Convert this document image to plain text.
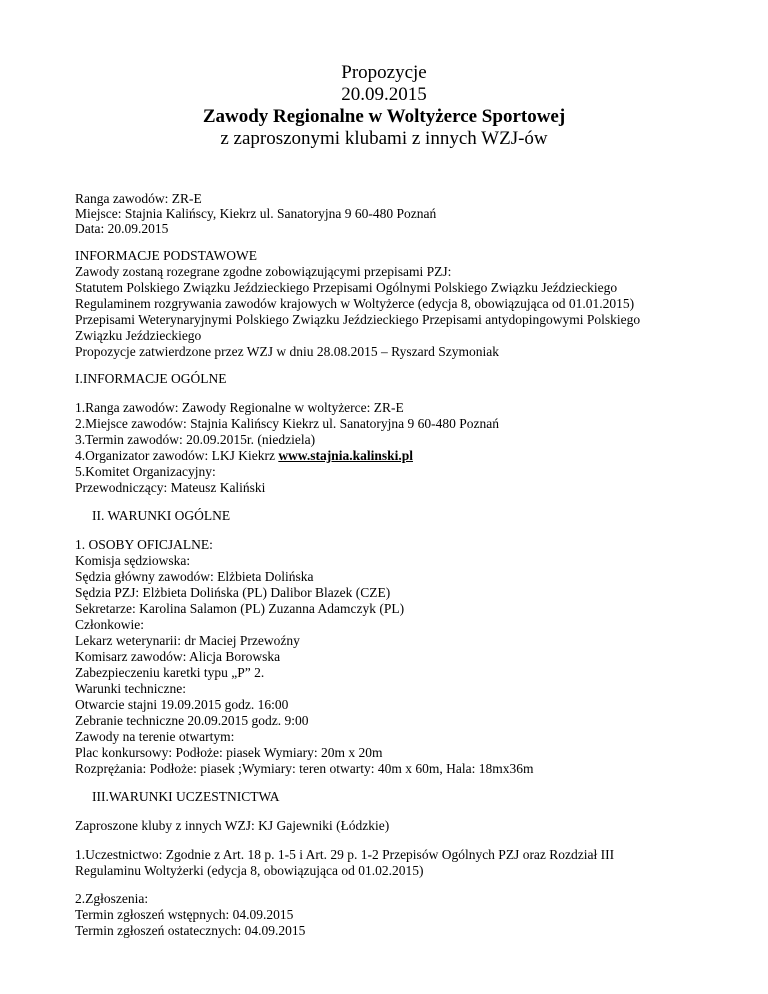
Propozycje
20.09.2015
Zawody Regionalne w Woltyżerce Sportowej
z zaproszonymi klubami z innych WZJ-ów
Ranga zawodów: ZR-E
Miejsce: Stajnia Kalińscy, Kiekrz ul. Sanatoryjna 9 60-480 Poznań
Data: 20.09.2015
INFORMACJE PODSTAWOWE
Zawody zostaną rozegrane zgodne zobowiązującymi przepisami PZJ:
Statutem Polskiego Związku Jeździeckiego Przepisami Ogólnymi Polskiego Związku Jeździeckiego
Regulaminem rozgrywania zawodów krajowych w Woltyżerce (edycja 8, obowiązująca od 01.01.2015)
Przepisami Weterynaryjnymi Polskiego Związku Jeździeckiego Przepisami antydopingowymi Polskiego
Związku Jeździeckiego
Propozycje zatwierdzone przez WZJ w dniu 28.08.2015 – Ryszard Szymoniak
I.INFORMACJE OGÓLNE
1.Ranga zawodów: Zawody Regionalne w woltyżerce: ZR-E
2.Miejsce zawodów: Stajnia Kalińscy Kiekrz ul. Sanatoryjna 9 60-480 Poznań
3.Termin zawodów: 20.09.2015r. (niedziela)
4.Organizator zawodów: LKJ Kiekrz www.stajnia.kalinski.pl
5.Komitet Organizacyjny:
Przewodniczący: Mateusz Kaliński
II. WARUNKI OGÓLNE
1. OSOBY OFICJALNE:
Komisja sędziowska:
Sędzia główny zawodów: Elżbieta Dolińska
Sędzia PZJ: Elżbieta Dolińska (PL) Dalibor Blazek (CZE)
Sekretarze: Karolina Salamon (PL) Zuzanna Adamczyk (PL)
Członkowie:
Lekarz weterynarii: dr Maciej Przewoźny
Komisarz zawodów: Alicja Borowska
Zabezpieczeniu karetki typu „P” 2.
Warunki techniczne:
Otwarcie stajni 19.09.2015 godz. 16:00
Zebranie techniczne 20.09.2015 godz. 9:00
Zawody na terenie otwartym:
Plac konkursowy: Podłoże: piasek Wymiary: 20m x 20m
Rozprężania: Podłoże: piasek ;Wymiary: teren otwarty: 40m x 60m, Hala: 18mx36m
III.WARUNKI UCZESTNICTWA
Zaproszone kluby z innych WZJ: KJ Gajewniki (Łódzkie)
1.Uczestnictwo: Zgodnie z Art. 18 p. 1-5 i Art. 29 p. 1-2 Przepisów Ogólnych PZJ oraz Rozdział III
Regulaminu Woltyżerki (edycja 8, obowiązująca od 01.02.2015)
2.Zgłoszenia:
Termin zgłoszeń wstępnych: 04.09.2015
Termin zgłoszeń ostatecznych: 04.09.2015
